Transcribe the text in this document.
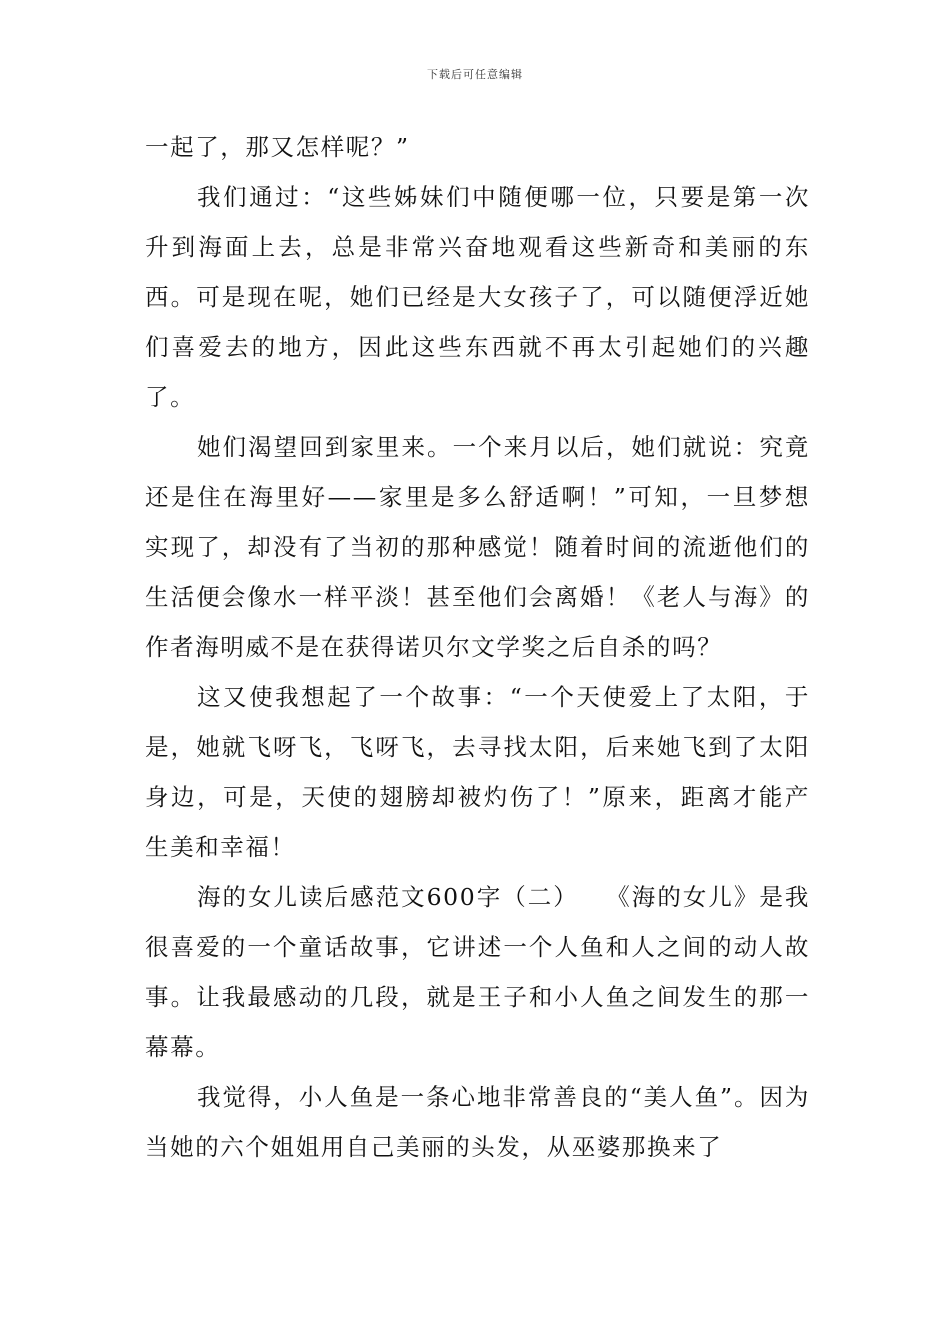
下载后可任意编辑

一起了，那又怎样呢？”

我们通过：“这些姊妹们中随便哪一位，只要是第一次升到海面上去，总是非常兴奋地观看这些新奇和美丽的东西。可是现在呢，她们已经是大女孩子了，可以随便浮近她们喜爱去的地方，因此这些东西就不再太引起她们的兴趣了。

她们渴望回到家里来。一个来月以后，她们就说：究竟还是住在海里好——家里是多么舒适啊！”可知，一旦梦想实现了，却没有了当初的那种感觉！随着时间的流逝他们的生活便会像水一样平淡！甚至他们会离婚！《老人与海》的作者海明威不是在获得诺贝尔文学奖之后自杀的吗？

这又使我想起了一个故事：“一个天使爱上了太阳，于是，她就飞呀飞，飞呀飞，去寻找太阳，后来她飞到了太阳 身边，可是，天使的翅膀却被灼伤了！”原来，距离才能产生美和幸福！

海的女儿读后感范文600字（二）　　《海的女儿》是我很喜爱的一个童话故事，它讲述一个人鱼和人之间的动人故事。让我最感动的几段，就是王子和小人鱼之间发生的那一幕幕。

我觉得，小人鱼是一条心地非常善良的“美人鱼”。因为当她的六个姐姐用自己美丽的头发，从巫婆那换来了
